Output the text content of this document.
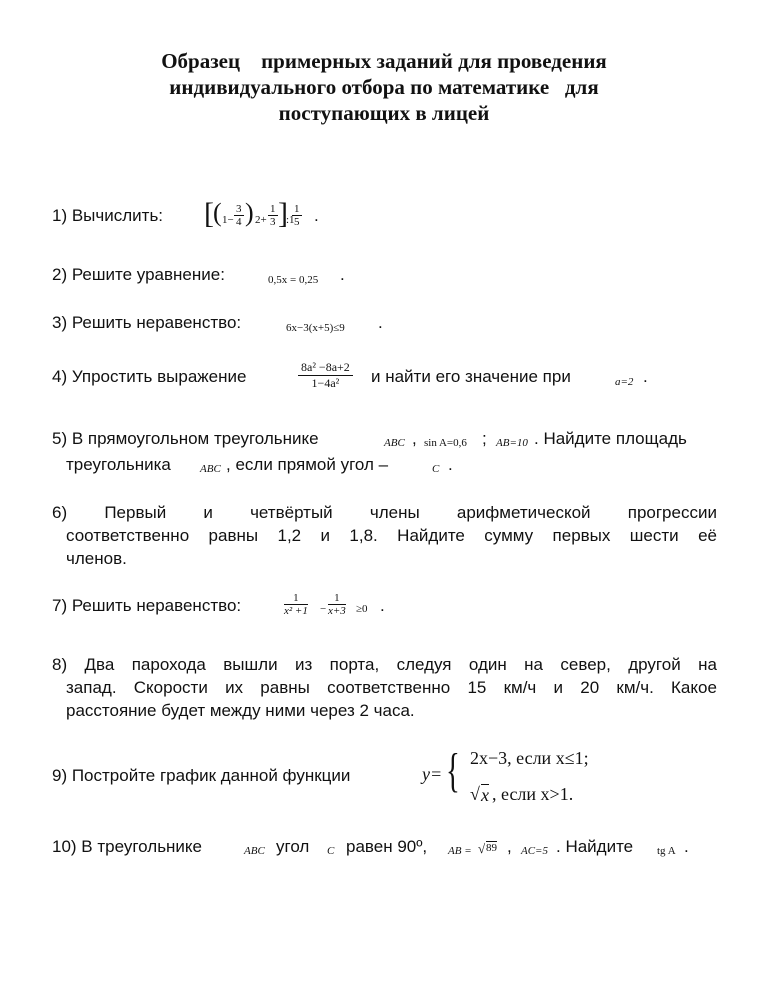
Образец    примерных заданий для проведения
индивидуального отбора по математике   для
поступающих в лицей
1) Вычислить: [ ( $1- \frac{3}{4}$ ) $2+ \frac{1}{3}$ ]
:1
$\frac{1}{5}$ .
2) Решите уравнение:	0,5x = 0,25 .
3) Решить неравенство:	6x−3(x+5)≤9 .
4) Упростить выражение	$\frac{\text{8a² −8a+2}}{\text{1−4a²}}$ и найти его значение при	a=2 .
5) В прямоугольном треугольнике	ABC , sin A=0,6 ; AB=10 . Найдите площадь
треугольника	ABC , если прямой угол –	C .
6) Первый и четвёртый члены арифметической прогрессии
соответственно равны 1,2 и 1,8. Найдите сумму первых шести её
членов.
7) Решить неравенство:	$\frac{1}{\text{x² +1}} - \frac{1}{x+3} \ge 0$ .
8) Два парохода вышли из порта, следуя один на север, другой на
запад. Скорости их равны соответственно 15 км/ч и 20 км/ч. Какое
расстояние будет между ними через 2 часа.
9) Постройте график данной функции	y= { 2x−3, если x≤1;
√ x , если x>1.
10) В треугольнике	ABC угол C равен 90º, AB = √ 89 , AC=5 . Найдите tg A .
